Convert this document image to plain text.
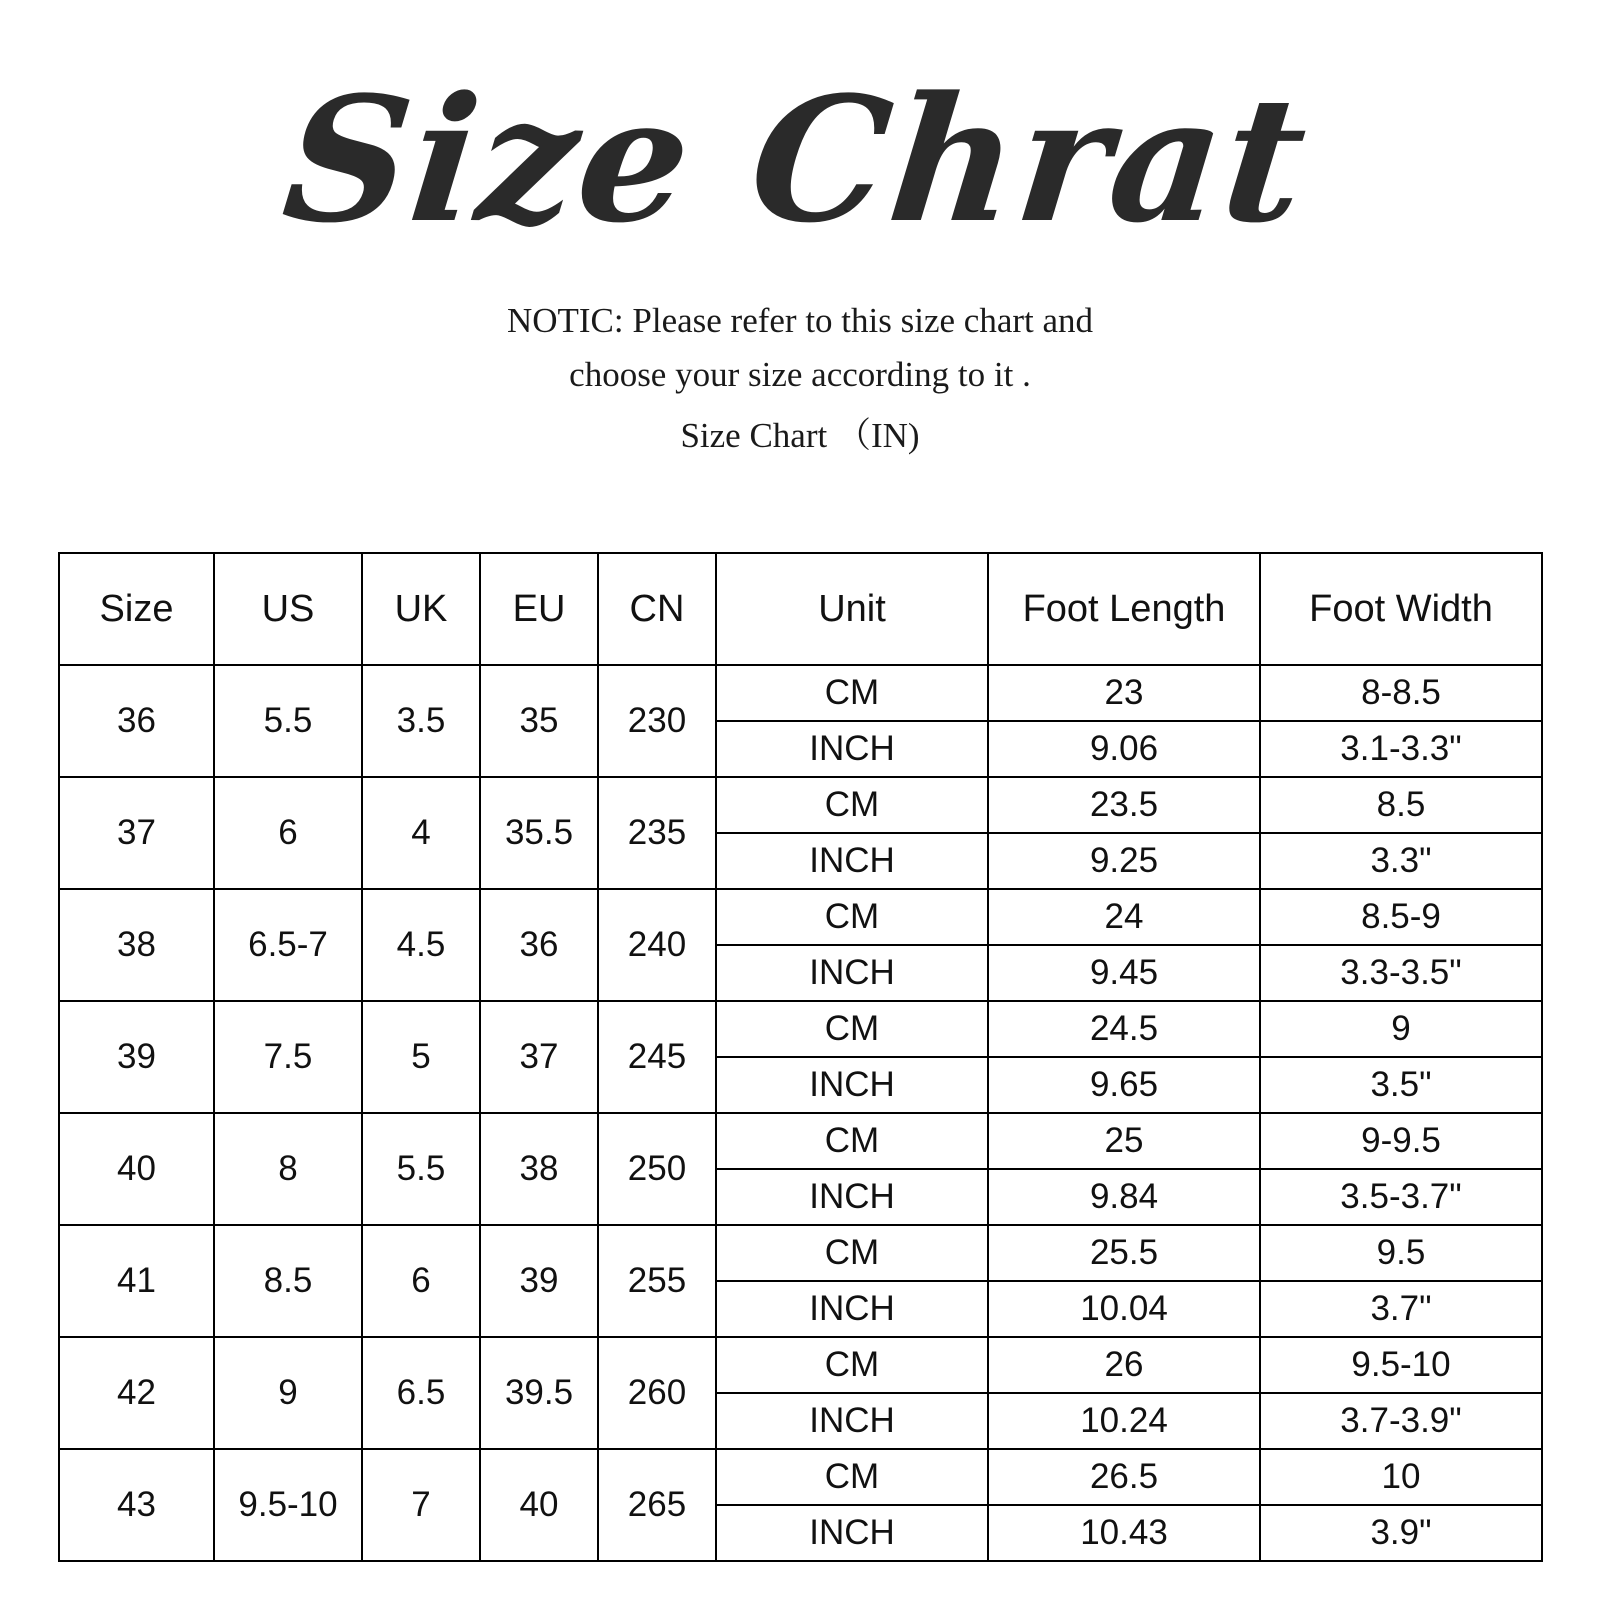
Size Chrat
NOTIC: Please refer to this size chart and
choose your size according to it .
Size Chart （IN)
Size	US	UK	EU	CN	Unit	Foot Length	Foot Width
36	5.5	3.5	35	230	CM	23	8-8.5
					INCH	9.06	3.1-3.3"
37	6	4	35.5	235	CM	23.5	8.5
					INCH	9.25	3.3"
38	6.5-7	4.5	36	240	CM	24	8.5-9
					INCH	9.45	3.3-3.5"
39	7.5	5	37	245	CM	24.5	9
					INCH	9.65	3.5"
40	8	5.5	38	250	CM	25	9-9.5
					INCH	9.84	3.5-3.7"
41	8.5	6	39	255	CM	25.5	9.5
					INCH	10.04	3.7"
42	9	6.5	39.5	260	CM	26	9.5-10
					INCH	10.24	3.7-3.9"
43	9.5-10	7	40	265	CM	26.5	10
					INCH	10.43	3.9"
